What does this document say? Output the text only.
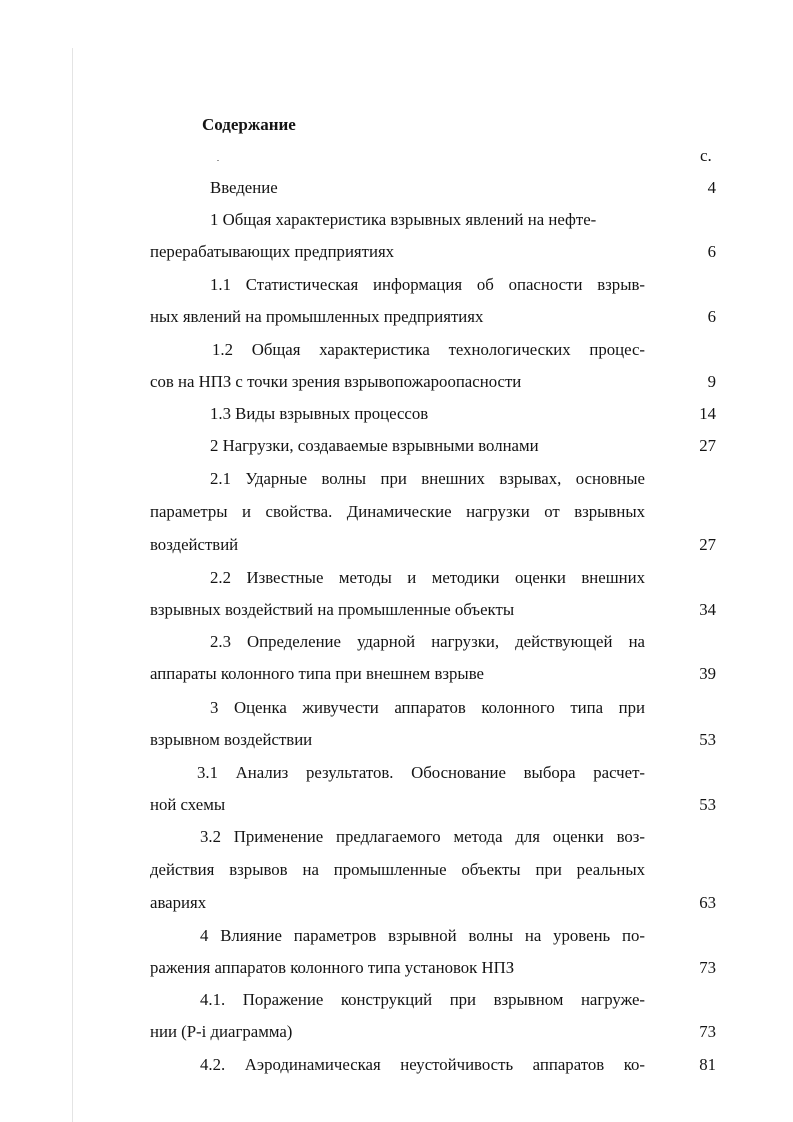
Содержание
с.
Введение	4
1 Общая характеристика взрывных явлений на нефте-
перерабатывающих предприятиях	6
1.1 Статистическая информация об опасности взрыв-
ных явлений на промышленных предприятиях	6
1.2 Общая характеристика технологических процес-
сов на НПЗ с точки зрения взрывопожароопасности	9
1.3 Виды взрывных процессов	14
2 Нагрузки, создаваемые взрывными волнами	27
2.1 Ударные волны при внешних взрывах, основные
параметры и свойства. Динамические нагрузки от взрывных
воздействий	27
2.2 Известные методы и методики оценки внешних
взрывных воздействий на промышленные объекты	34
2.3 Определение ударной нагрузки, действующей на
аппараты колонного типа при внешнем взрыве	39
3 Оценка живучести аппаратов колонного типа при
взрывном воздействии	53
3.1 Анализ результатов. Обоснование выбора расчет-
ной схемы	53
3.2 Применение предлагаемого метода для оценки воз-
действия взрывов на промышленные объекты при реальных
авариях	63
4 Влияние параметров взрывной волны на уровень по-
ражения аппаратов колонного типа установок НПЗ	73
4.1. Поражение конструкций при взрывном нагруже-
нии (P-i диаграмма)	73
4.2. Аэродинамическая неустойчивость аппаратов ко-	81
